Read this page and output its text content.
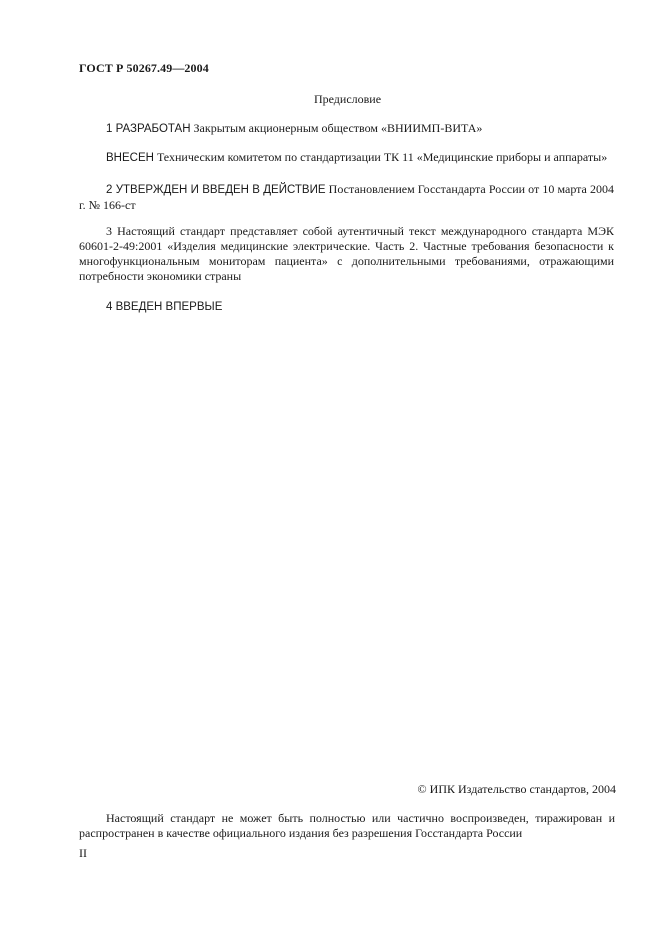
ГОСТ Р 50267.49—2004
Предисловие

1 РАЗРАБОТАН Закрытым акционерным обществом «ВНИИМП-ВИТА»

ВНЕСЕН Техническим комитетом по стандартизации ТК 11 «Медицинские приборы и аппараты»

2 УТВЕРЖДЕН И ВВЕДЕН В ДЕЙСТВИЕ Постановлением Госстандарта России от 10 марта 2004 г. № 166-ст

3 Настоящий стандарт представляет собой аутентичный текст международного стандарта МЭК 60601-2-49:2001 «Изделия медицинские электрические. Часть 2. Частные требования безопасности к многофункциональным мониторам пациента» с дополнительными требованиями, отражающими потребности экономики страны

4 ВВЕДЕН ВПЕРВЫЕ

© ИПК Издательство стандартов, 2004

Настоящий стандарт не может быть полностью или частично воспроизведен, тиражирован и распространен в качестве официального издания без разрешения Госстандарта России

II
